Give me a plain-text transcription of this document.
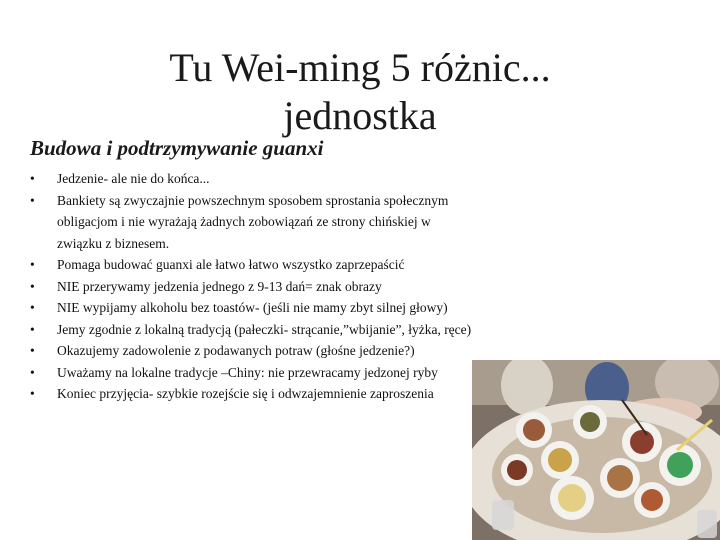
Tu Wei-ming 5 różnic... jednostka
Budowa i podtrzymywanie guanxi
• Jedzenie- ale nie do końca...
• Bankiety są zwyczajnie powszechnym sposobem sprostania społecznym obligacjom i nie wyrażają żadnych zobowiązań ze strony chińskiej w związku z biznesem.
• Pomaga budować guanxi ale łatwo łatwo wszystko zaprzepaścić
• NIE przerywamy jedzenia jednego z 9-13 dań= znak obrazy
• NIE wypijamy alkoholu bez toastów- (jeśli nie mamy zbyt silnej głowy)
• Jemy zgodnie z lokalną tradycją (pałeczki- strącanie,”wbijanie”, łyżka, ręce)
• Okazujemy zadowolenie z podawanych potraw (głośne jedzenie?)
• Uważamy na lokalne tradycje –Chiny: nie przewracamy jedzonej ryby
• Koniec przyjęcia- szybkie rozejście się i odwzajemnienie zaproszenia
